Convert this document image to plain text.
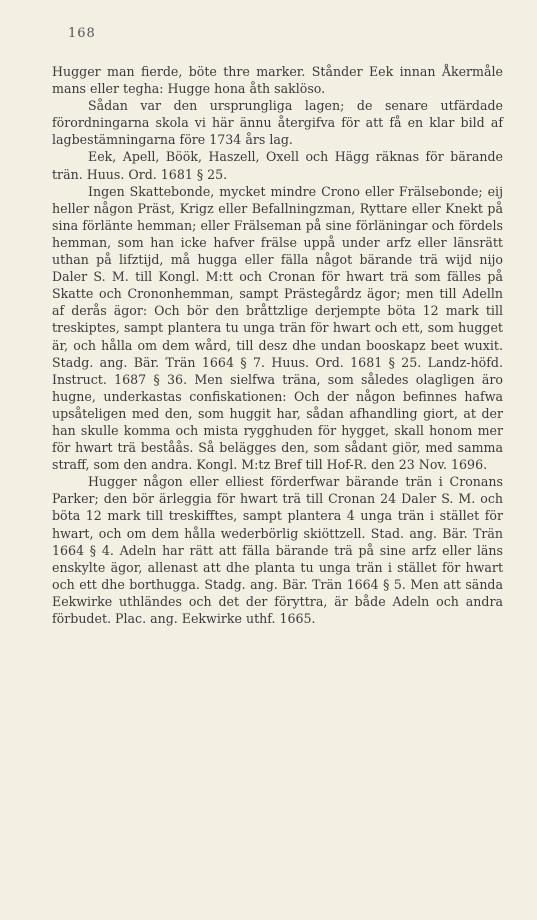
168

Hugger man fierde, böte thre marker. Stånder Eek innan Åkermåle mans eller tegha: Hugge hona åth saklöso.

Sådan var den ursprungliga lagen; de senare utfärdade förordningarna skola vi här ännu återgifva för att få en klar bild af lagbestämningarna före 1734 års lag.

Eek, Apell, Böök, Haszell, Oxell och Hägg räknas för bärande trän. Huus. Ord. 1681 § 25.

Ingen Skattebonde, mycket mindre Crono eller Frälsebonde; eij heller någon Präst, Krigz eller Befallningzman, Ryttare eller Knekt på sina förlänte hemman; eller Frälseman på sine förläningar och fördels hemman, som han icke hafver frälse uppå under arfz eller länsrätt uthan på lifztijd, må hugga eller fälla något bärande trä wijd nijo Daler S. M. till Kongl. M:tt och Cronan för hwart trä som fälles på Skatte och Crononhemman, sampt Prästegårdz ägor; men till Adelln af derås ägor: Och bör den bråttzlige derjempte böta 12 mark till treskiptes, sampt plantera tu unga trän för hwart och ett, som hugget är, och hålla om dem wård, till desz dhe undan booskapz beet wuxit. Stadg. ang. Bär. Trän 1664 § 7. Huus. Ord. 1681 § 25. Landz-höfd. Instruct. 1687 § 36. Men sielfwa träna, som således olagligen äro hugne, underkastas confiskationen: Och der någon befinnes hafwa upsåteligen med den, som huggit har, sådan afhandling giort, at der han skulle komma och mista rygghuden för hygget, skall honom mer för hwart trä beståås. Så belägges den, som sådant giör, med samma straff, som den andra. Kongl. M:tz Bref till Hof-R. den 23 Nov. 1696.

Hugger någon eller elliest förderfwar bärande trän i Cronans Parker; den bör ärleggia för hwart trä till Cronan 24 Daler S. M. och böta 12 mark till treskifftes, sampt plantera 4 unga trän i stället för hwart, och om dem hålla wederbörlig skiöttzell. Stad. ang. Bär. Trän 1664 § 4. Adeln har rätt att fälla bärande trä på sine arfz eller läns enskylte ägor, allenast att dhe planta tu unga trän i stället för hwart och ett dhe borthugga. Stadg. ang. Bär. Trän 1664 § 5. Men att sända Eekwirke uthländes och det der föryttra, är både Adeln och andra förbudet. Plac. ang. Eekwirke uthf. 1665.
